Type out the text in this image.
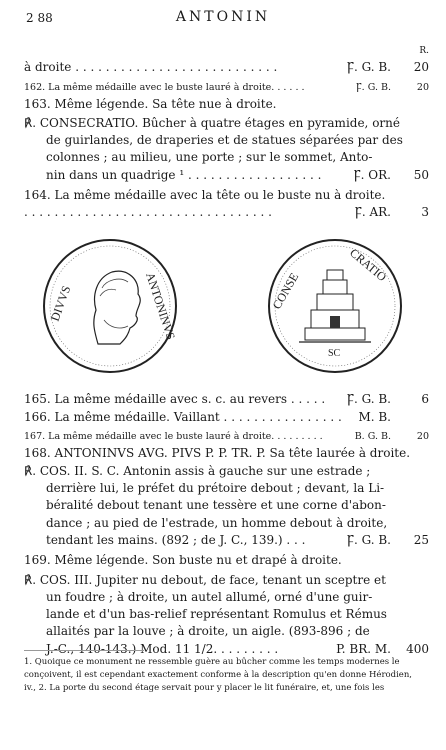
2 88	ANTONIN
R.
à droite . . . . . . . . . . . . . . . . . . . . . . . . . . .	Ꝼ. G. B.	20
162. La même médaille avec le buste lauré à droite. . . . . .	Ꝼ. G. B.	20
163. Même légende. Sa tête nue à droite.
℟. CONSECRATIO. Bûcher à quatre étages en pyramide, orné
de guirlandes, de draperies et de statues séparées par des
colonnes ; au milieu, une porte ; sur le sommet, Anto-
nin dans un quadrige ¹ . . . . . . . . . . . . . . . . . .	Ꝼ. OR.	50
164. La même médaille avec la tête ou le buste nu à droite.
. . . . . . . . . . . . . . . . . . . . . . . . . . . . . . . . .	Ꝼ. AR.	3
165. La même médaille avec s. c. au revers . . . . . Ꝼ. G. B.	6
166. La même médaille. Vaillant . . . . . . . . . . . . . . . . M. B.
167. La même médaille avec le buste lauré à droite. . . . . . . . .	B. G. B.	20
168. ANTONINVS AVG. PIVS P. P. TR. P. Sa tête laurée à droite.
℟. COS. II. S. C. Antonin assis à gauche sur une estrade ;
derrière lui, le préfet du prétoire debout ; devant, la Li-
béralité debout tenant une tessère et une corne d'abon-
dance ; au pied de l'estrade, un homme debout à droite,
tendant les mains. (892 ; de J. C., 139.) . . .	Ꝼ. G. B.	25
169. Même légende. Son buste nu et drapé à droite.
℟. COS. III. Jupiter nu debout, de face, tenant un sceptre et
un foudre ; à droite, un autel allumé, orné d'une guir-
lande et d'un bas-relief représentant Romulus et Rémus
allaités par la louve ; à droite, un aigle. (893-896 ; de
J.-C., 140-143.) Mod. 11 1/2. . . . . . . . .	P. BR. M. 400
DIVVS	ANTONINVS	CONSE
CRATIO
SC
1. Quoique ce monument ne ressemble guère au bûcher comme les temps modernes le
conçoivent, il est cependant exactement conforme à la description qu'en donne Hérodien,
iv., 2. La porte du second étage servait pour y placer le lit funéraire, et, une fois les
